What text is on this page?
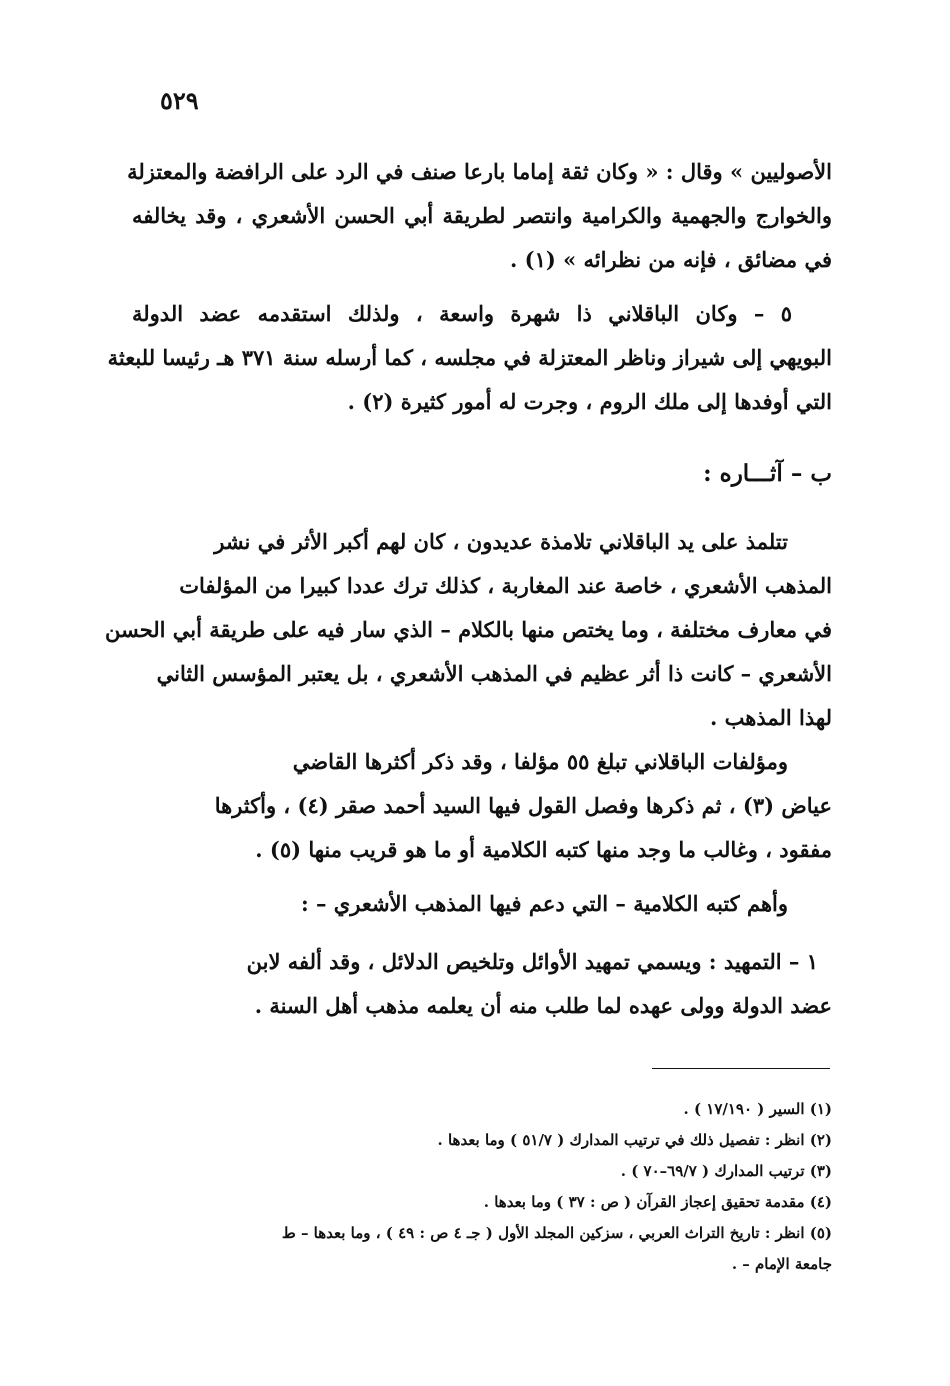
٥٢٩
الأصوليين » وقال : « وكان ثقة إماما بارعا صنف في الرد على الرافضة والمعتزلة
والخوارج والجهمية والكرامية وانتصر لطريقة أبي الحسن الأشعري ، وقد يخالفه
في مضائق ، فإنه من نظرائه » (١) .
٥ – وكان الباقلاني ذا شهرة واسعة ، ولذلك استقدمه عضد الدولة
البويهي إلى شيراز وناظر المعتزلة في مجلسه ، كما أرسله سنة ٣٧١ هـ رئيسا للبعثة
التي أوفدها إلى ملك الروم ، وجرت له أمور كثيرة (٢) .
ب – آثـــاره :
تتلمذ على يد الباقلاني تلامذة عديدون ، كان لهم أكبر الأثر في نشر
المذهب الأشعري ، خاصة عند المغاربة ، كذلك ترك عددا كبيرا من المؤلفات
في معارف مختلفة ، وما يختص منها بالكلام – الذي سار فيه على طريقة أبي الحسن
الأشعري – كانت ذا أثر عظيم في المذهب الأشعري ، بل يعتبر المؤسس الثاني
لهذا المذهب .
ومؤلفات الباقلاني تبلغ ٥٥ مؤلفا ، وقد ذكر أكثرها القاضي
عياض (٣) ، ثم ذكرها وفصل القول فيها السيد أحمد صقر (٤) ، وأكثرها
مفقود ، وغالب ما وجد منها كتبه الكلامية أو ما هو قريب منها (٥) .
وأهم كتبه الكلامية – التي دعم فيها المذهب الأشعري – :
١ – التمهيد : ويسمي تمهيد الأوائل وتلخيص الدلائل ، وقد ألفه لابن
عضد الدولة وولى عهده لما طلب منه أن يعلمه مذهب أهل السنة .
(١) السير ( ١٧/١٩٠ ) .
(٢) انظر : تفصيل ذلك في ترتيب المدارك ( ٥١/٧ ) وما بعدها .
(٣) ترتيب المدارك ( ٦٩/٧–٧٠ ) .
(٤) مقدمة تحقيق إعجاز القرآن ( ص : ٣٧ ) وما بعدها .
(٥) انظر : تاريخ التراث العربي ، سزكين المجلد الأول ( جـ ٤ ص : ٤٩ ) ، وما بعدها – ط
جامعة الإمام – .
